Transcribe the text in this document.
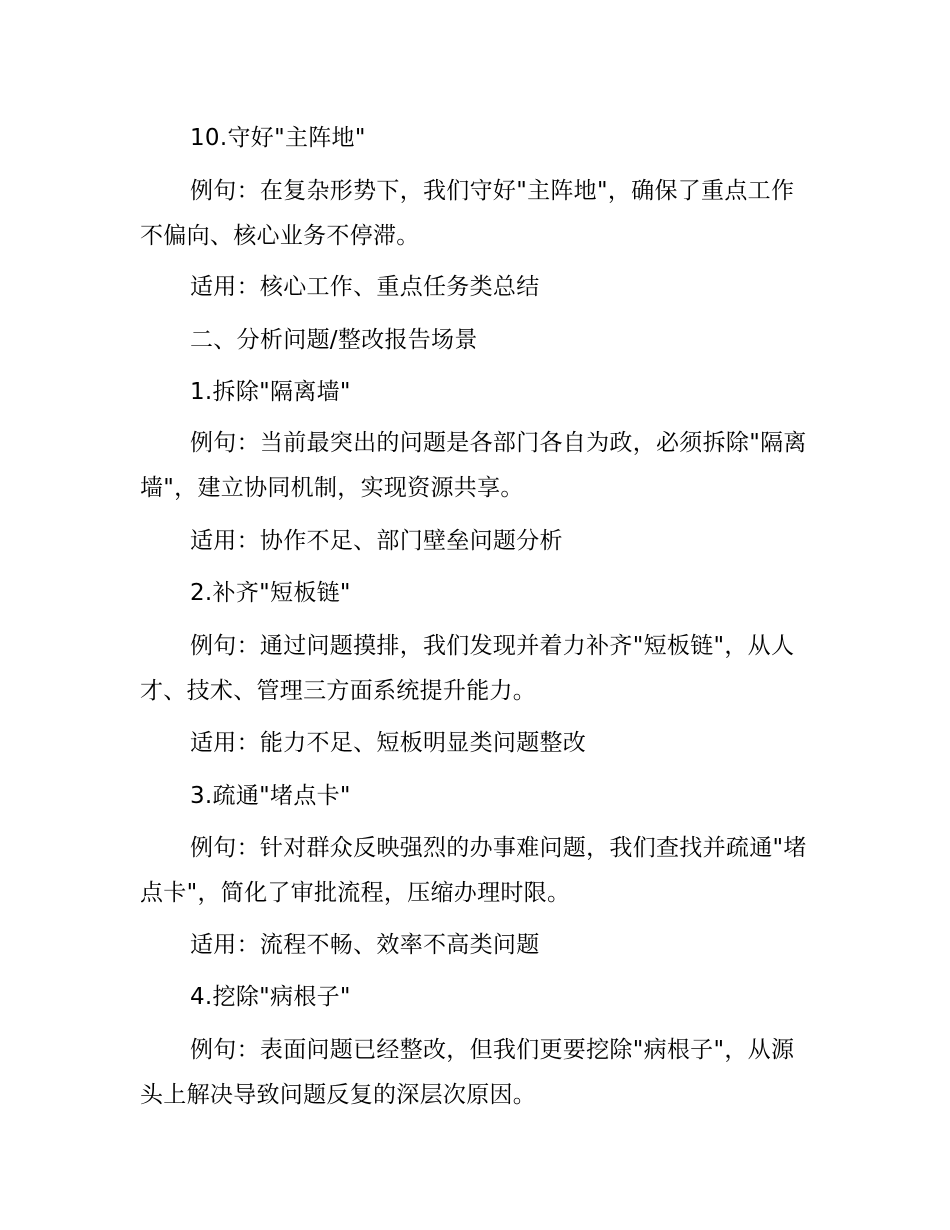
10.守好"主阵地"

例句：在复杂形势下，我们守好"主阵地"，确保了重点工作不偏向、核心业务不停滞。

适用：核心工作、重点任务类总结

二、分析问题/整改报告场景

1.拆除"隔离墙"

例句：当前最突出的问题是各部门各自为政，必须拆除"隔离墙"，建立协同机制，实现资源共享。

适用：协作不足、部门壁垒问题分析

2.补齐"短板链"

例句：通过问题摸排，我们发现并着力补齐"短板链"，从人才、技术、管理三方面系统提升能力。

适用：能力不足、短板明显类问题整改

3.疏通"堵点卡"

例句：针对群众反映强烈的办事难问题，我们查找并疏通"堵点卡"，简化了审批流程，压缩办理时限。

适用：流程不畅、效率不高类问题

4.挖除"病根子"

例句：表面问题已经整改，但我们更要挖除"病根子"，从源头上解决导致问题反复的深层次原因。
